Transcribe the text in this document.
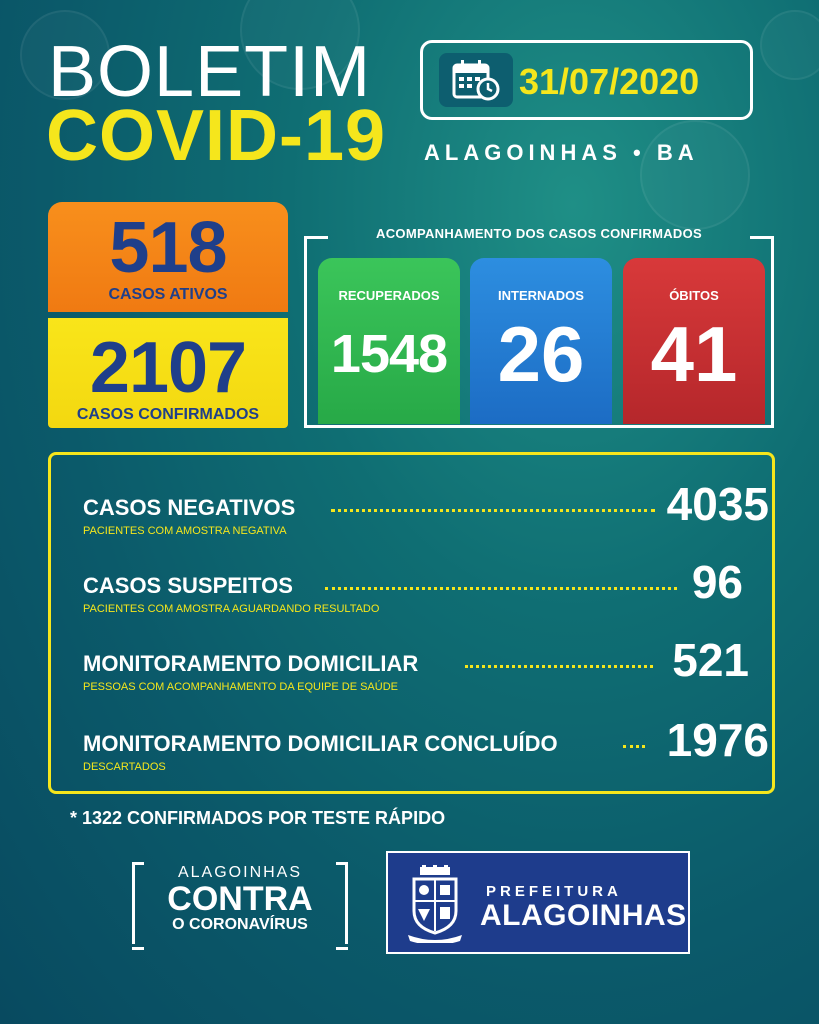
BOLETIM
COVID-19
31/07/2020
ALAGOINHAS • BA
518
CASOS ATIVOS
2107
CASOS CONFIRMADOS
ACOMPANHAMENTO DOS CASOS CONFIRMADOS
RECUPERADOS
1548
INTERNADOS
26
ÓBITOS
41
CASOS NEGATIVOS
PACIENTES COM AMOSTRA NEGATIVA
4035
CASOS SUSPEITOS
PACIENTES COM AMOSTRA AGUARDANDO RESULTADO
96
MONITORAMENTO DOMICILIAR
PESSOAS COM ACOMPANHAMENTO DA EQUIPE DE SAÚDE
521
MONITORAMENTO DOMICILIAR CONCLUÍDO
DESCARTADOS
1976
* 1322 CONFIRMADOS POR TESTE RÁPIDO
ALAGOINHAS
CONTRA
O CORONAVÍRUS
PREFEITURA
ALAGOINHAS
